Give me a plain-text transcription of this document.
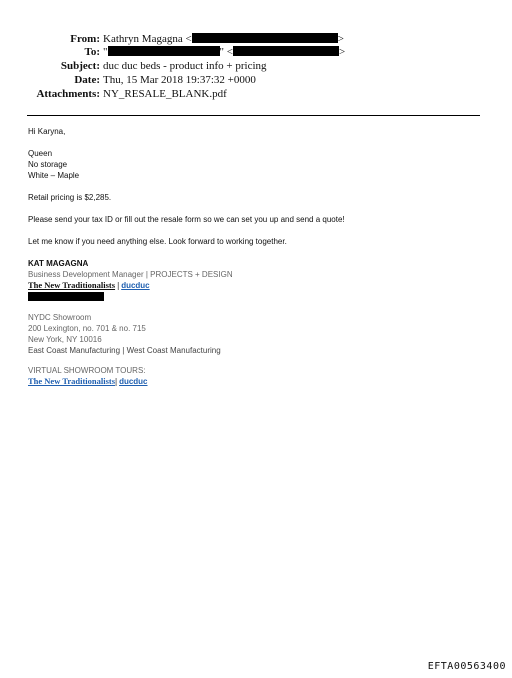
From: Kathryn Magagna <	>
To: "	" <	>
Subject: duc duc beds - product info + pricing
Date: Thu, 15 Mar 2018 19:37:32 +0000
Attachments: NY_RESALE_BLANK.pdf

Hi Karyna,

Queen

No storage

White – Maple

Retail pricing is $2,285.

Please send your tax ID or fill out the resale form so we can set you up and send a quote!

Let me know if you need anything else. Look forward to working together.

KAT MAGAGNA

Business Development Manager | PROJECTS + DESIGN

The New Traditionalists | ducduc

NYDC Showroom

200 Lexington, no. 701 & no. 715

New York, NY 10016

East Coast Manufacturing | West Coast Manufacturing

VIRTUAL SHOWROOM TOURS:

The New Traditionalists| ducduc

EFTA00563400
